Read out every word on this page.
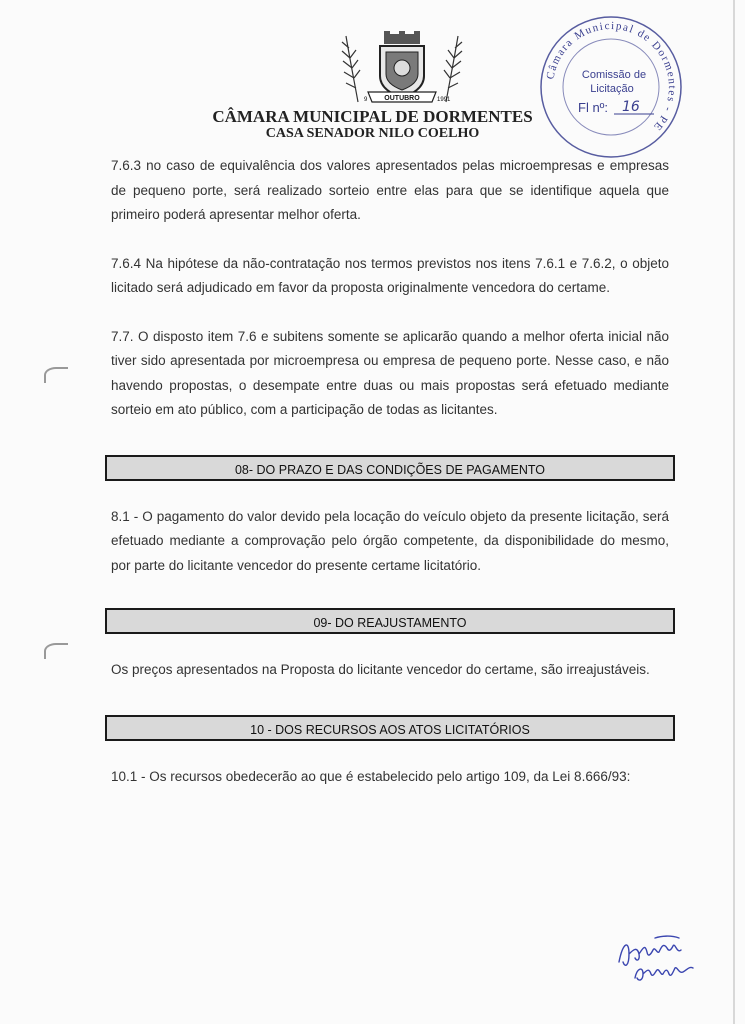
OUTUBRO
9	1991
CÂMARA MUNICIPAL DE DORMENTES
CASA SENADOR NILO COELHO
Câmara Municipal de Dormentes - PE
Comissão de
Licitação
Fl nº: 16

7.6.3 no caso de equivalência dos valores apresentados pelas microempresas e empresas de pequeno porte, será realizado sorteio entre elas para que se identifique aquela que primeiro poderá apresentar melhor oferta.

7.6.4 Na hipótese da não-contratação nos termos previstos nos itens 7.6.1 e 7.6.2, o objeto licitado será adjudicado em favor da proposta originalmente vencedora do certame.

7.7. O disposto item 7.6 e subitens somente se aplicarão quando a melhor oferta inicial não tiver sido apresentada por microempresa ou empresa de pequeno porte. Nesse caso, e não havendo propostas, o desempate entre duas ou mais propostas será efetuado mediante sorteio em ato público, com a participação de todas as licitantes.

08- DO PRAZO E DAS CONDIÇÕES DE PAGAMENTO

8.1 - O pagamento do valor devido pela locação do veículo objeto da presente licitação, será efetuado mediante a comprovação pelo órgão competente, da disponibilidade do mesmo, por parte do licitante vencedor do presente certame licitatório.

09- DO REAJUSTAMENTO

Os preços apresentados na Proposta do licitante vencedor do certame, são irreajustáveis.

10 - DOS RECURSOS AOS ATOS LICITATÓRIOS

10.1 - Os recursos obedecerão ao que é estabelecido pelo artigo 109, da Lei 8.666/93:
